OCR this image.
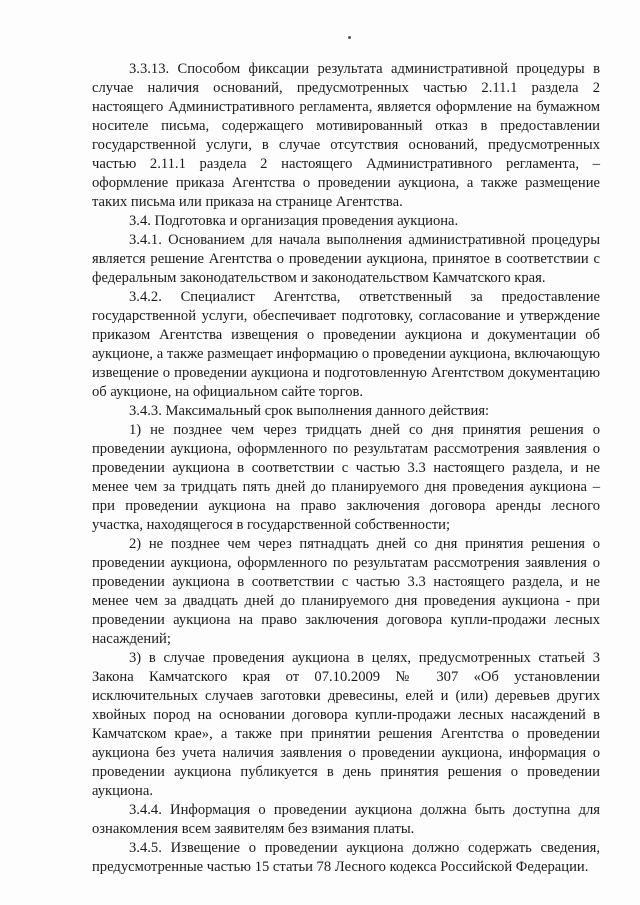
3.3.13. Способом фиксации результата административной процедуры в случае наличия оснований, предусмотренных частью 2.11.1 раздела 2 настоящего Административного регламента, является оформление на бумажном носителе письма, содержащего мотивированный отказ в предоставлении государственной услуги, в случае отсутствия оснований, предусмотренных частью 2.11.1 раздела 2 настоящего Административного регламента, – оформление приказа Агентства о проведении аукциона, а также размещение таких письма или приказа на странице Агентства.

3.4. Подготовка и организация проведения аукциона.

3.4.1. Основанием для начала выполнения административной процедуры является решение Агентства о проведении аукциона, принятое в соответствии с федеральным законодательством и законодательством Камчатского края.

3.4.2. Специалист Агентства, ответственный за предоставление государственной услуги, обеспечивает подготовку, согласование и утверждение приказом Агентства извещения о проведении аукциона и документации об аукционе, а также размещает информацию о проведении аукциона, включающую извещение о проведении аукциона и подготовленную Агентством документацию об аукционе, на официальном сайте торгов.

3.4.3. Максимальный срок выполнения данного действия:

1) не позднее чем через тридцать дней со дня принятия решения о проведении аукциона, оформленного по результатам рассмотрения заявления о проведении аукциона в соответствии с частью 3.3 настоящего раздела, и не менее чем за тридцать пять дней до планируемого дня проведения аукциона – при проведении аукциона на право заключения договора аренды лесного участка, находящегося в государственной собственности;

2) не позднее чем через пятнадцать дней со дня принятия решения о проведении аукциона, оформленного по результатам рассмотрения заявления о проведении аукциона в соответствии с частью 3.3 настоящего раздела, и не менее чем за двадцать дней до планируемого дня проведения аукциона - при проведении аукциона на право заключения договора купли-продажи лесных насаждений;

3) в случае проведения аукциона в целях, предусмотренных статьей 3 Закона Камчатского края от 07.10.2009 № 307 «Об установлении исключительных случаев заготовки древесины, елей и (или) деревьев других хвойных пород на основании договора купли-продажи лесных насаждений в Камчатском крае», а также при принятии решения Агентства о проведении аукциона без учета наличия заявления о проведении аукциона, информация о проведении аукциона публикуется в день принятия решения о проведении аукциона.

3.4.4. Информация о проведении аукциона должна быть доступна для ознакомления всем заявителям без взимания платы.

3.4.5. Извещение о проведении аукциона должно содержать сведения, предусмотренные частью 15 статьи 78 Лесного кодекса Российской Федерации.
